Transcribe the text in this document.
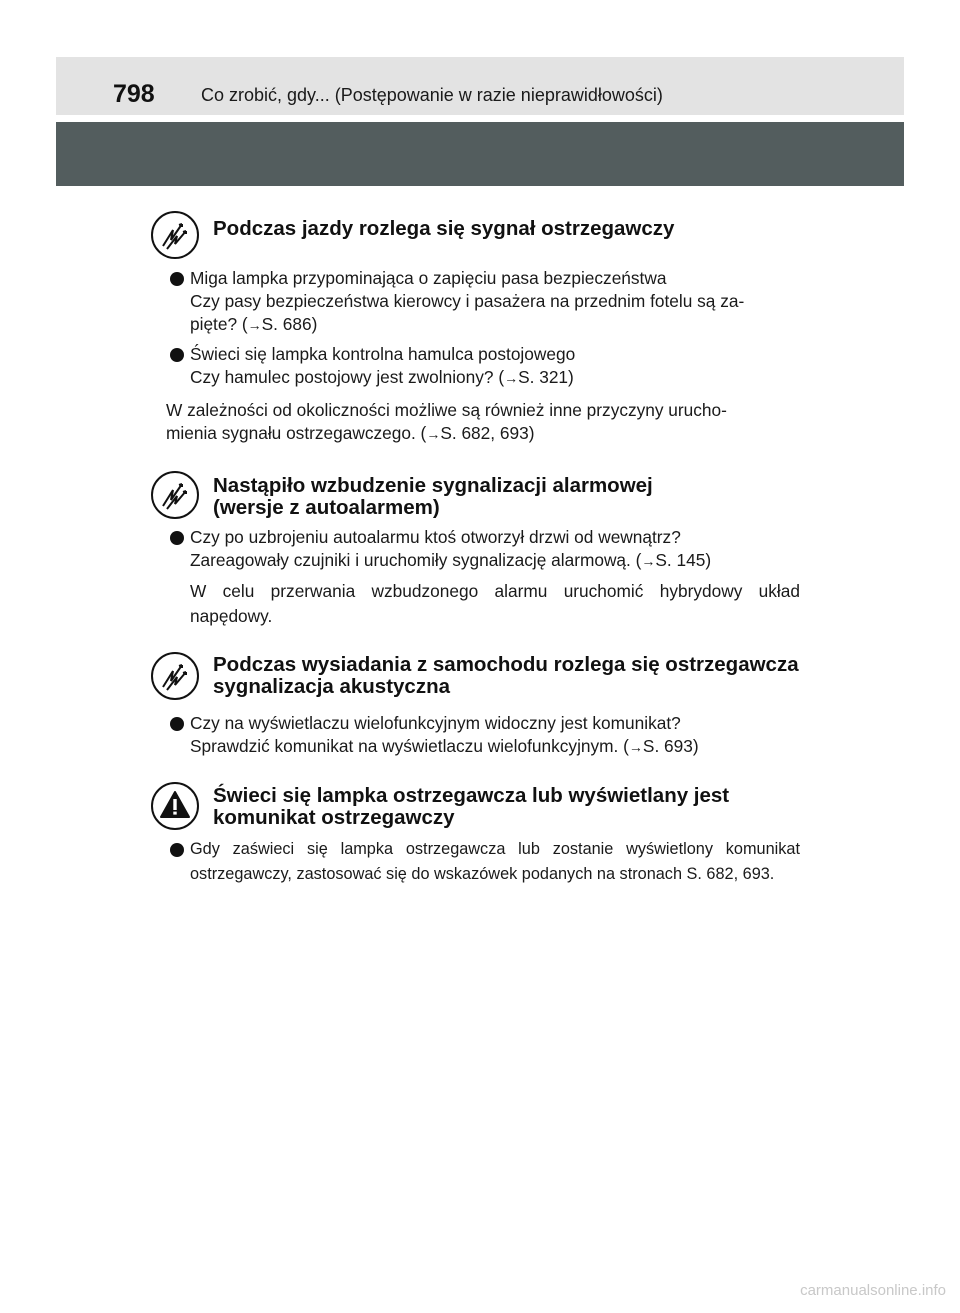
798	Co zrobić, gdy... (Postępowanie w razie nieprawidłowości)
Podczas jazdy rozlega się sygnał ostrzegawczy
Miga lampka przypominająca o zapięciu pasa bezpieczeństwa
Czy pasy bezpieczeństwa kierowcy i pasażera na przednim fotelu są za-
pięte? (→S. 686)
Świeci się lampka kontrolna hamulca postojowego
Czy hamulec postojowy jest zwolniony? (→S. 321)
W zależności od okoliczności możliwe są również inne przyczyny urucho-
mienia sygnału ostrzegawczego. (→S. 682, 693)
Nastąpiło wzbudzenie sygnalizacji alarmowej
(wersje z autoalarmem)
Czy po uzbrojeniu autoalarmu ktoś otworzył drzwi od wewnątrz?
Zareagowały czujniki i uruchomiły sygnalizację alarmową. (→S. 145)
W celu przerwania wzbudzonego alarmu uruchomić hybrydowy układ napędowy.
Podczas wysiadania z samochodu rozlega się ostrzegawcza
sygnalizacja akustyczna
Czy na wyświetlaczu wielofunkcyjnym widoczny jest komunikat?
Sprawdzić komunikat na wyświetlaczu wielofunkcyjnym. (→S. 693)
Świeci się lampka ostrzegawcza lub wyświetlany jest
komunikat ostrzegawczy
Gdy zaświeci się lampka ostrzegawcza lub zostanie wyświetlony komunikat ostrzegawczy, zastosować się do wskazówek podanych na stronach S. 682, 693.
carmanualsonline.info
